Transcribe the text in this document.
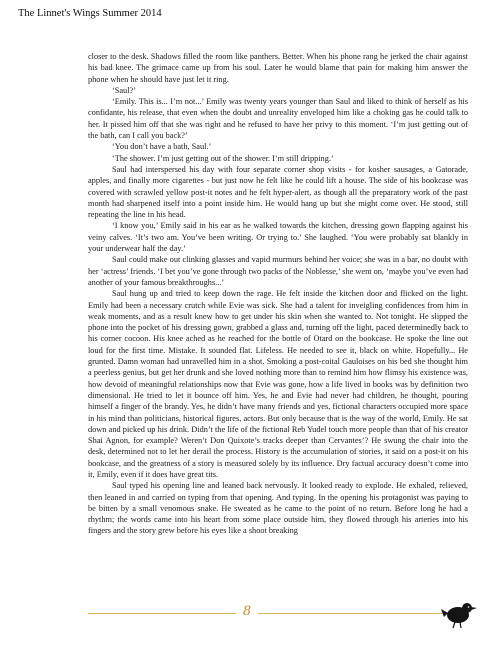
The Linnet's Wings Summer 2014

closer to the desk. Shadows filled the room like panthers. Better. When his phone rang he jerked the chair against his bad knee. The grimace came up from his soul. Later he would blame that pain for making him answer the phone when he should have just let it ring.

‘Saul?’

‘Emily. This is... I’m not...’ Emily was twenty years younger than Saul and liked to think of herself as his confidante, his release, that even when the doubt and unreality enveloped him like a choking gas he could talk to her. It pissed him off that she was right and he refused to have her privy to this moment. ‘I’m just getting out of the bath, can I call you back?’

‘You don’t have a bath, Saul.’

‘The shower. I’m just getting out of the shower. I’m still dripping.’

Saul had interspersed his day with four separate corner shop visits - for kosher sausages, a Gatorade, apples, and finally more cigarettes - but just now he felt like he could lift a house. The side of his bookcase was covered with scrawled yellow post-it notes and he felt hyper-alert, as though all the preparatory work of the past month had sharpened itself into a point inside him. He would hang up but she might come over. He stood, still repeating the line in his head.

‘I know you,’ Emily said in his ear as he walked towards the kitchen, dressing gown flapping against his veiny calves. ‘It’s two am. You’ve been writing. Or trying to.’ She laughed. ‘You were probably sat blankly in your underwear half the day.’

Saul could make out clinking glasses and vapid murmurs behind her voice; she was in a bar, no doubt with her ‘actress’ friends. ‘I bet you’ve gone through two packs of the Noblesse,’ she went on, ‘maybe you’ve even had another of your famous breakthroughs...’

Saul hung up and tried to keep down the rage. He felt inside the kitchen door and flicked on the light. Emily had been a necessary crutch while Evie was sick. She had a talent for inveigling confidences from him in weak moments, and as a result knew how to get under his skin when she wanted to. Not tonight. He slipped the phone into the pocket of his dressing gown, grabbed a glass and, turning off the light, paced determinedly back to his corner cocoon. His knee ached as he reached for the bottle of Otard on the bookcase. He spoke the line out loud for the first time. Mistake. It sounded flat. Lifeless. He needed to see it, black on white. Hopefully... He grunted. Damn woman had unravelled him in a shot. Smoking a post-coital Gauloises on his bed she thought him a peerless genius, but get her drunk and she loved nothing more than to remind him how flimsy his existence was, how devoid of meaningful relationships now that Evie was gone, how a life lived in books was by definition two dimensional. He tried to let it bounce off him. Yes, he and Evie had never had children, he thought, pouring himself a finger of the brandy. Yes, he didn’t have many friends and yes, fictional characters occupied more space in his mind than politicians, historical figures, actors. But only because that is the way of the world, Emily. He sat down and picked up his drink. Didn’t the life of the fictional Reb Yudel touch more people than that of his creator Shai Agnon, for example? Weren’t Don Quixote’s tracks deeper than Cervantes’? He swung the chair into the desk, determined not to let her derail the process. History is the accumulation of stories, it said on a post-it on his bookcase, and the greatness of a story is measured solely by its influence. Dry factual accuracy doesn’t come into it, Emily, even if it does have great tits.

Saul typed his opening line and leaned back nervously. It looked ready to explode. He exhaled, relieved, then leaned in and carried on typing from that opening. And typing. In the opening his protagonist was paying to be bitten by a small venomous snake. He sweated as he came to the point of no return. Before long he had a rhythm; the words came into his heart from some place outside him, they flowed through his arteries into his fingers and the story grew before his eyes like a shoot breaking

8
